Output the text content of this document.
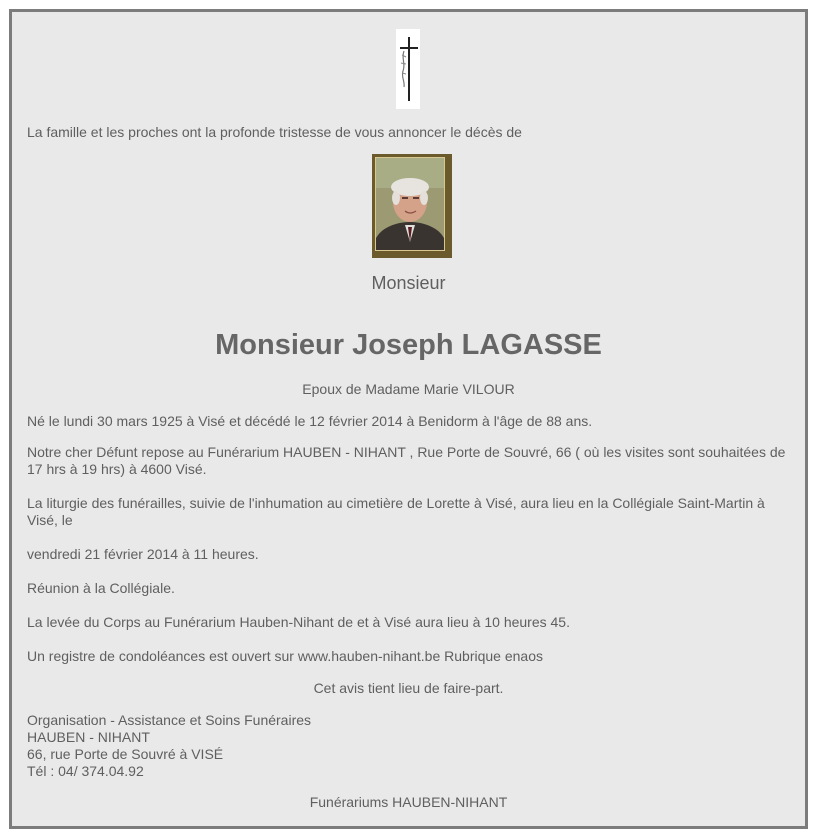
La famille et les proches ont la profonde tristesse de vous annoncer le décès de
Monsieur
Monsieur Joseph LAGASSE
Epoux de Madame Marie VILOUR
Né le lundi 30 mars 1925 à Visé et décédé le 12 février 2014 à Benidorm à l'âge de 88 ans.
Notre cher Défunt repose au Funérarium HAUBEN - NIHANT , Rue Porte de Souvré, 66 ( où les visites sont souhaitées de 17 hrs à 19 hrs) à 4600 Visé.
La liturgie des funérailles, suivie de l'inhumation au cimetière de Lorette à Visé, aura lieu en la Collégiale Saint-Martin à Visé, le
vendredi 21 février 2014 à 11 heures.
Réunion à la Collégiale.
La levée du Corps au Funérarium Hauben-Nihant de et à Visé aura lieu à 10 heures 45.
Un registre de condoléances est ouvert sur www.hauben-nihant.be Rubrique enaos
Cet avis tient lieu de faire-part.
Organisation - Assistance et Soins Funéraires
HAUBEN - NIHANT
66, rue Porte de Souvré à VISÉ
Tél : 04/ 374.04.92
Funérariums HAUBEN-NIHANT
